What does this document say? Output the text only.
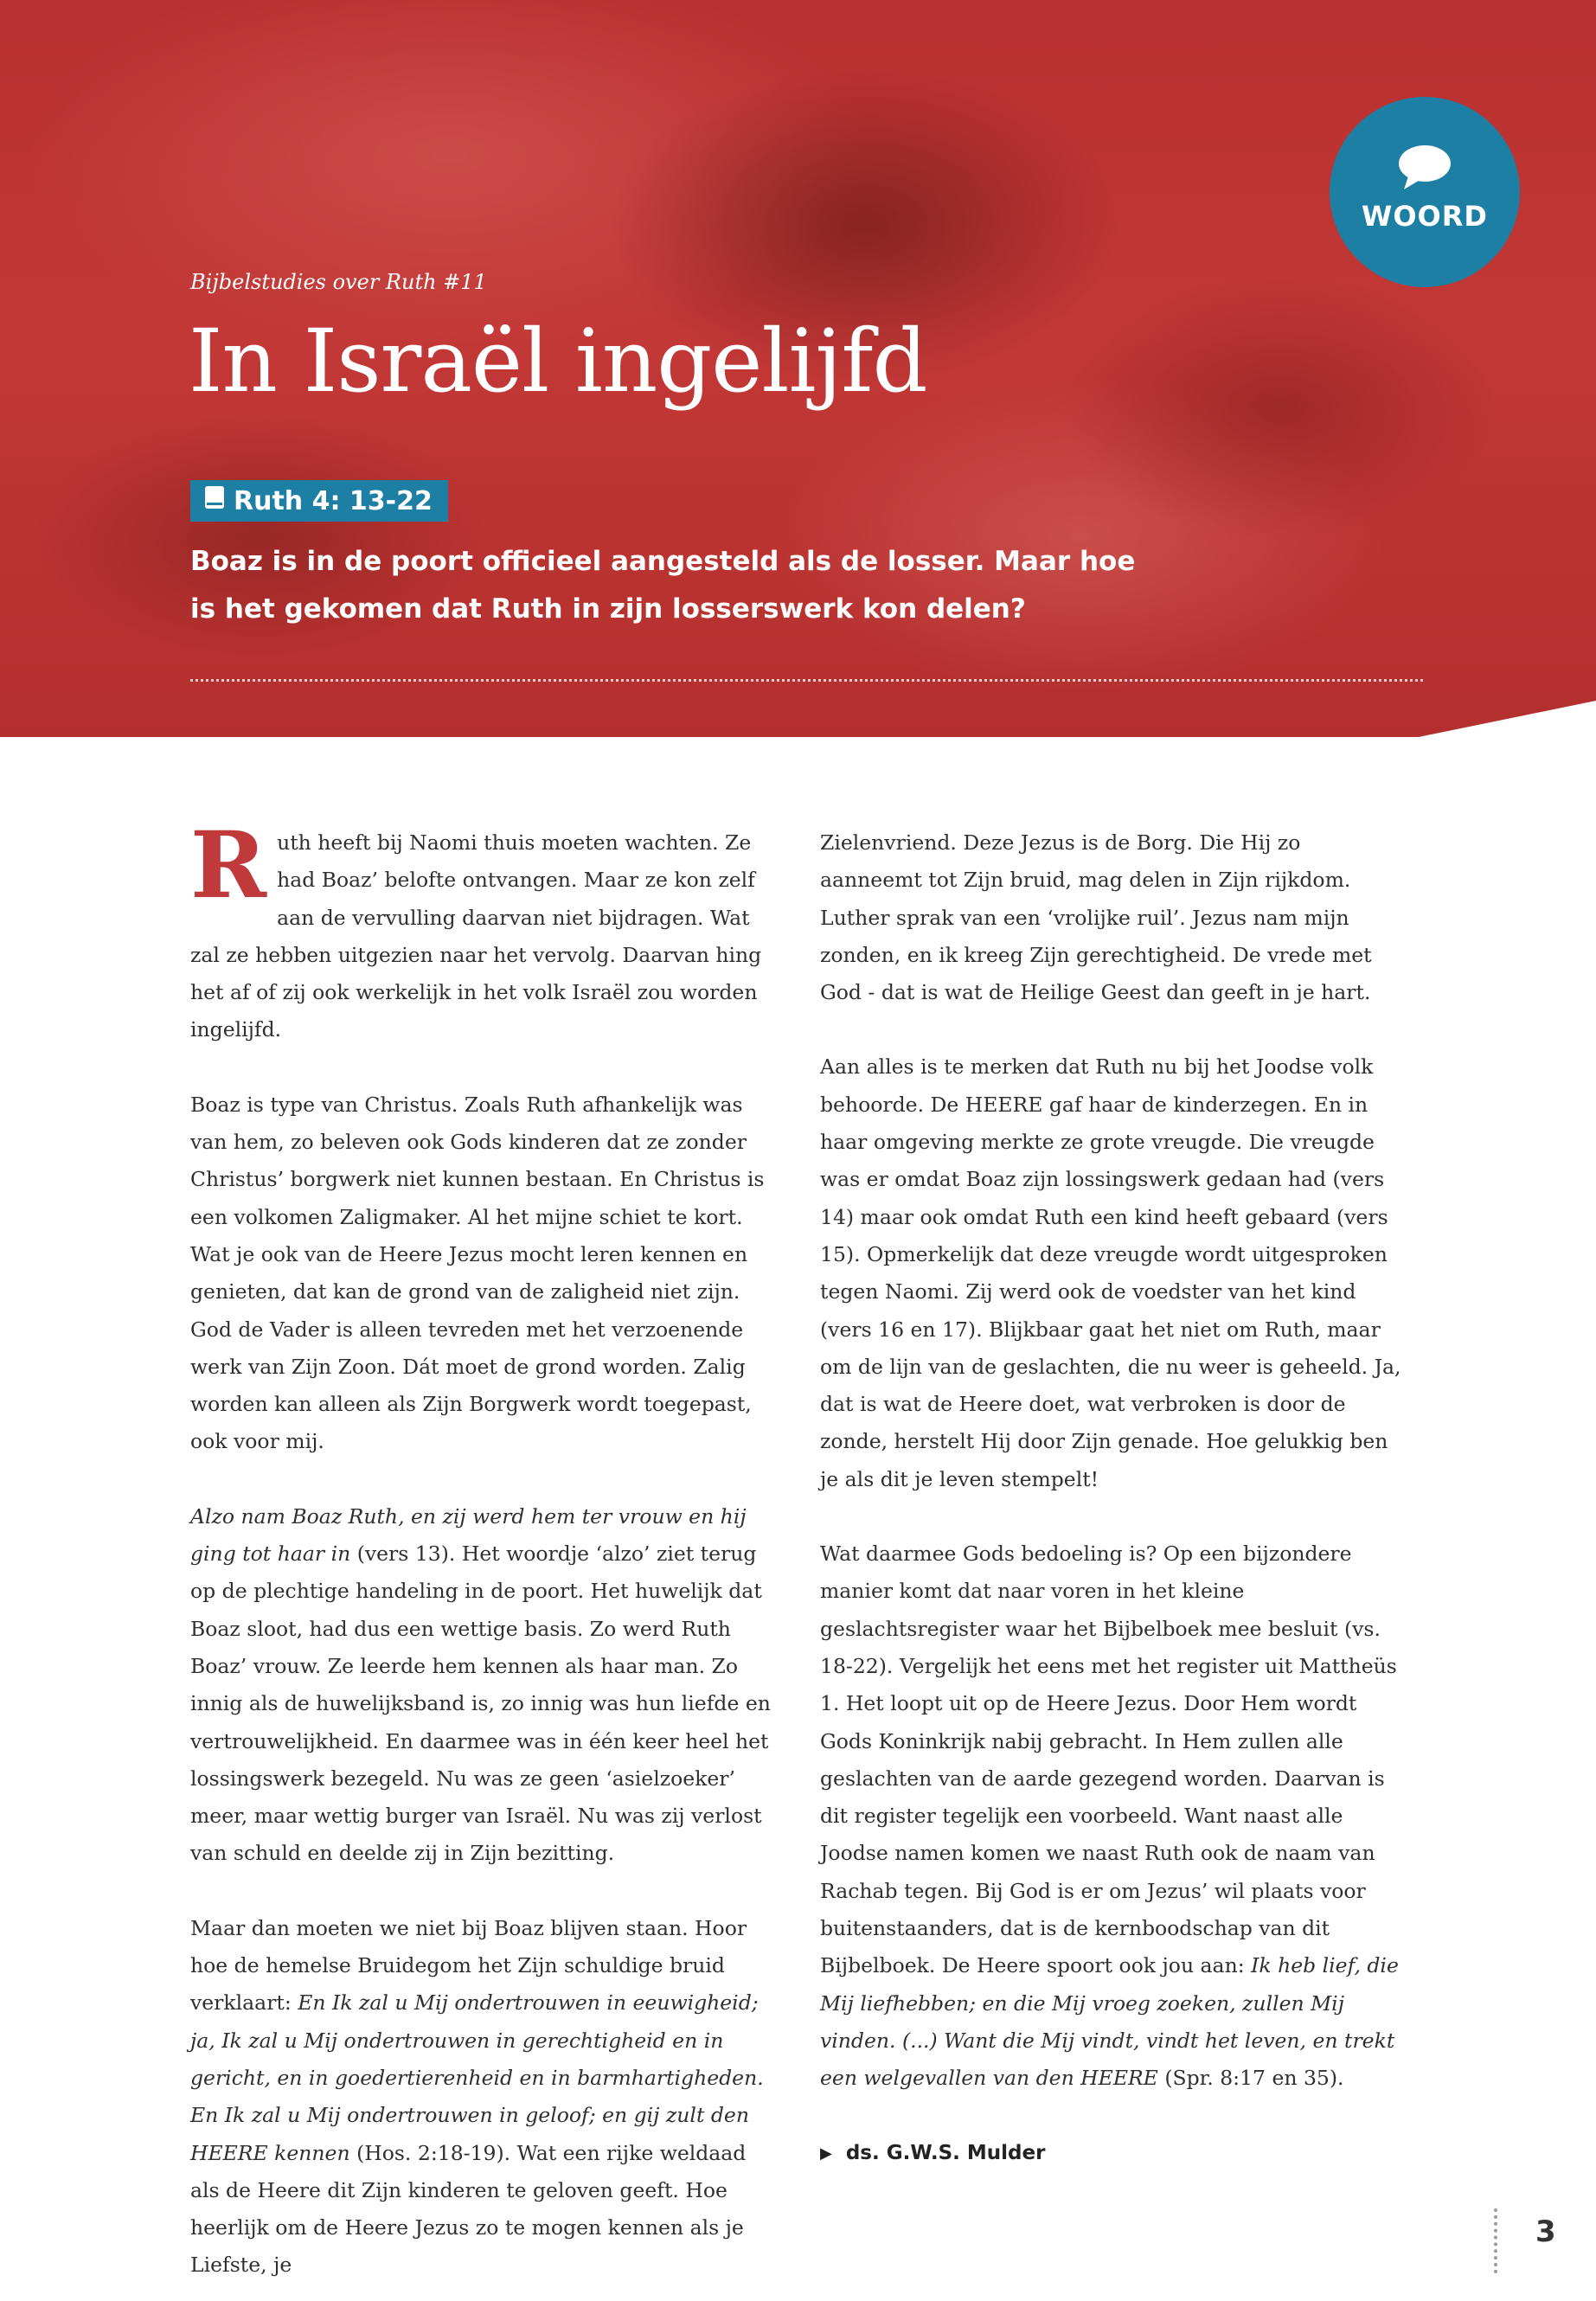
WOORD
Bijbelstudies over Ruth #11
In Israël ingelijfd
Ruth 4: 13-22
Boaz is in de poort officieel aangesteld als de losser. Maar hoe is het gekomen dat Ruth in zijn losserswerk kon delen?

Ruth heeft bij Naomi thuis moeten wachten. Ze had Boaz’ belofte ontvangen. Maar ze kon zelf aan de vervulling daarvan niet bijdragen. Wat zal ze hebben uitgezien naar het vervolg. Daarvan hing het af of zij ook werkelijk in het volk Israël zou worden ingelijfd.

Boaz is type van Christus. Zoals Ruth afhankelijk was van hem, zo beleven ook Gods kinderen dat ze zonder Christus’ borgwerk niet kunnen bestaan. En Christus is een volkomen Zaligmaker. Al het mijne schiet te kort. Wat je ook van de Heere Jezus mocht leren kennen en genieten, dat kan de grond van de zaligheid niet zijn. God de Vader is alleen tevreden met het verzoenende werk van Zijn Zoon. Dát moet de grond worden. Zalig worden kan alleen als Zijn Borgwerk wordt toegepast, ook voor mij.

Alzo nam Boaz Ruth, en zij werd hem ter vrouw en hij ging tot haar in (vers 13). Het woordje ‘alzo’ ziet terug op de plechtige handeling in de poort. Het huwelijk dat Boaz sloot, had dus een wettige basis. Zo werd Ruth Boaz’ vrouw. Ze leerde hem kennen als haar man. Zo innig als de huwelijksband is, zo innig was hun liefde en vertrouwelijkheid. En daarmee was in één keer heel het lossingswerk bezegeld. Nu was ze geen ‘asielzoeker’ meer, maar wettig burger van Israël. Nu was zij verlost van schuld en deelde zij in Zijn bezitting.

Maar dan moeten we niet bij Boaz blijven staan. Hoor hoe de hemelse Bruidegom het Zijn schuldige bruid verklaart: En Ik zal u Mij ondertrouwen in eeuwigheid; ja, Ik zal u Mij ondertrouwen in gerechtigheid en in gericht, en in goedertierenheid en in barmhartigheden. En Ik zal u Mij ondertrouwen in geloof; en gij zult den HEERE kennen (Hos. 2:18-19). Wat een rijke weldaad als de Heere dit Zijn kinderen te geloven geeft. Hoe heerlijk om de Heere Jezus zo te mogen kennen als je Liefste, je

Zielenvriend. Deze Jezus is de Borg. Die Hij zo aanneemt tot Zijn bruid, mag delen in Zijn rijkdom. Luther sprak van een ‘vrolijke ruil’. Jezus nam mijn zonden, en ik kreeg Zijn gerechtigheid. De vrede met God - dat is wat de Heilige Geest dan geeft in je hart.

Aan alles is te merken dat Ruth nu bij het Joodse volk behoorde. De HEERE gaf haar de kinderzegen. En in haar omgeving merkte ze grote vreugde. Die vreugde was er omdat Boaz zijn lossingswerk gedaan had (vers 14) maar ook omdat Ruth een kind heeft gebaard (vers 15). Opmerkelijk dat deze vreugde wordt uitgesproken tegen Naomi. Zij werd ook de voedster van het kind (vers 16 en 17). Blijkbaar gaat het niet om Ruth, maar om de lijn van de geslachten, die nu weer is geheeld. Ja, dat is wat de Heere doet, wat verbroken is door de zonde, herstelt Hij door Zijn genade. Hoe gelukkig ben je als dit je leven stempelt!

Wat daarmee Gods bedoeling is? Op een bijzondere manier komt dat naar voren in het kleine geslachtsregister waar het Bijbelboek mee besluit (vs. 18-22). Vergelijk het eens met het register uit Mattheüs 1. Het loopt uit op de Heere Jezus. Door Hem wordt Gods Koninkrijk nabij gebracht. In Hem zullen alle geslachten van de aarde gezegend worden. Daarvan is dit register tegelijk een voorbeeld. Want naast alle Joodse namen komen we naast Ruth ook de naam van Rachab tegen. Bij God is er om Jezus’ wil plaats voor buitenstaanders, dat is de kernboodschap van dit Bijbelboek. De Heere spoort ook jou aan: Ik heb lief, die Mij liefhebben; en die Mij vroeg zoeken, zullen Mij vinden. (...) Want die Mij vindt, vindt het leven, en trekt een welgevallen van den HEERE (Spr. 8:17 en 35).

▶ ds. G.W.S. Mulder
3
